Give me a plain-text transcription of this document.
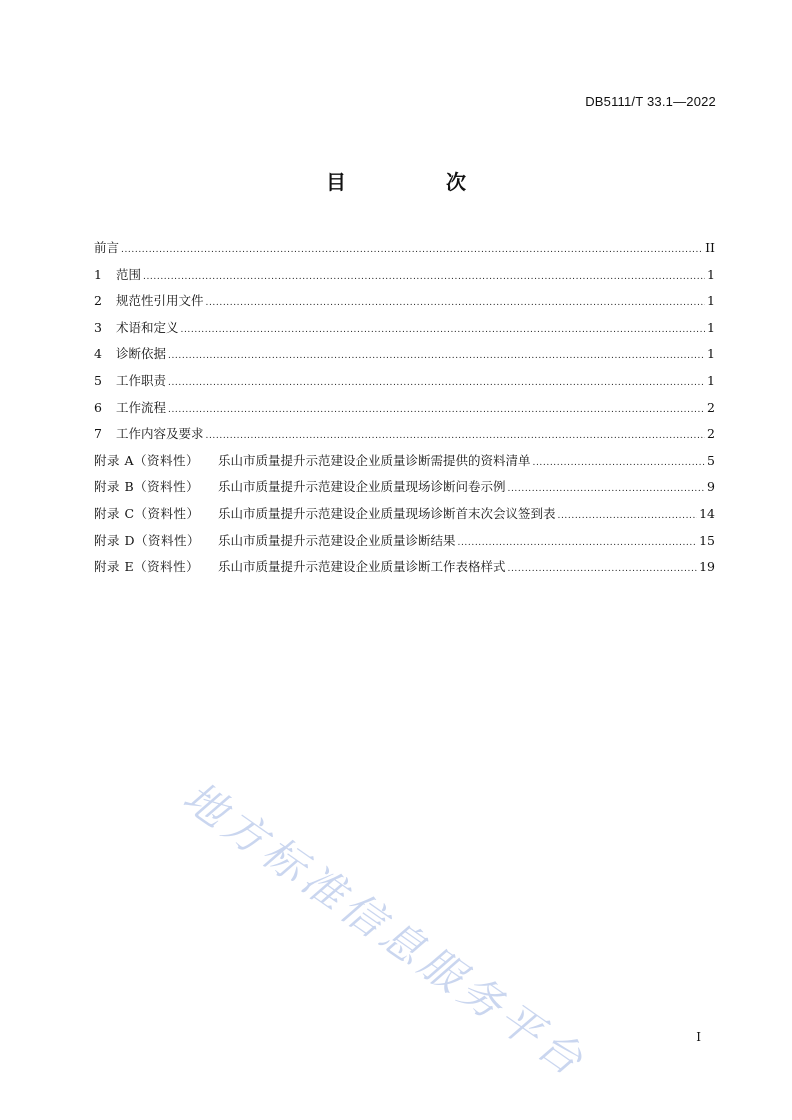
DB5111/T 33.1—2022
目　次
前言 .....	II
1	范围 .....	1
2	规范性引用文件 .....	1
3	术语和定义 .....	1
4	诊断依据 .....	1
5	工作职责 .....	1
6	工作流程 .....	2
7	工作内容及要求 .....	2
附录 A（资料性）	乐山市质量提升示范建设企业质量诊断需提供的资料清单 .....	5
附录 B（资料性）	乐山市质量提升示范建设企业质量现场诊断问卷示例 .....	9
附录 C（资料性）	乐山市质量提升示范建设企业质量现场诊断首末次会议签到表 .....	14
附录 D（资料性）	乐山市质量提升示范建设企业质量诊断结果 .....	15
附录 E（资料性）	乐山市质量提升示范建设企业质量诊断工作表格样式 .....	19
地方标准信息服务平台	I
